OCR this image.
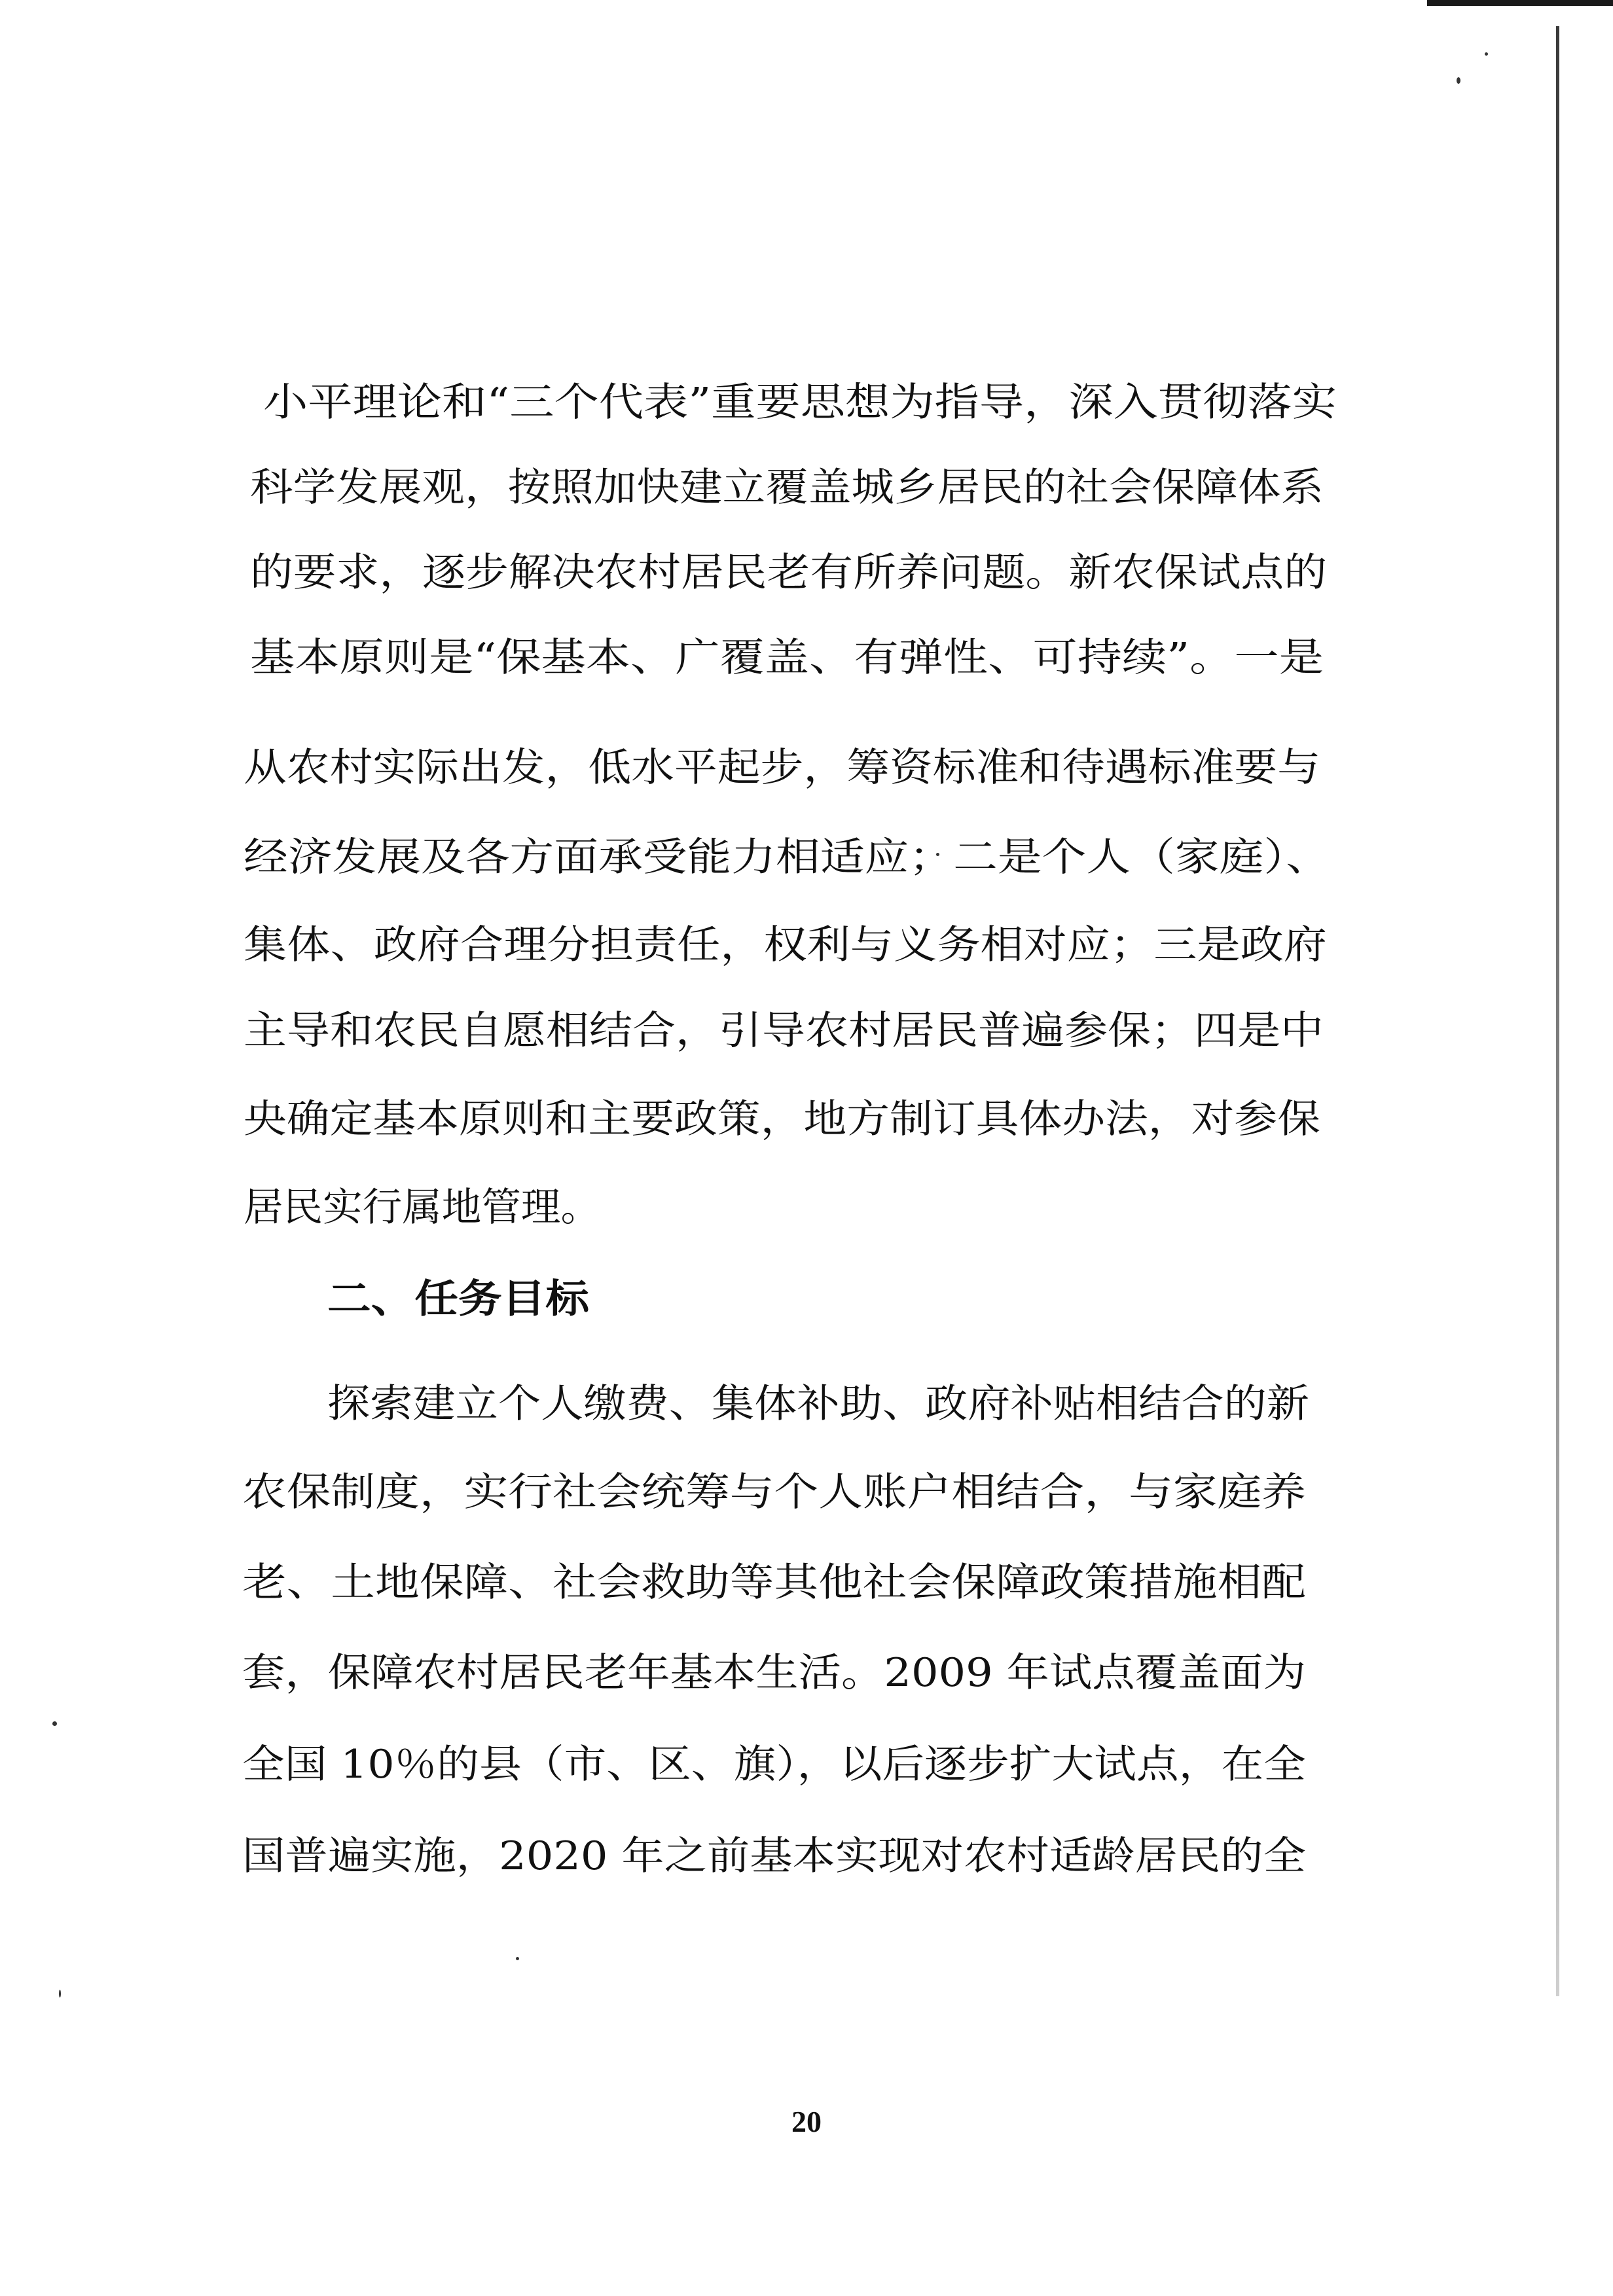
小平理论和“三个代表”重要思想为指导，深入贯彻落实
科学发展观，按照加快建立覆盖城乡居民的社会保障体系
的要求，逐步解决农村居民老有所养问题。新农保试点的
基本原则是“保基本、广覆盖、有弹性、可持续”。一是
从农村实际出发，低水平起步，筹资标准和待遇标准要与
经济发展及各方面承受能力相适应；二是个人（家庭）、
集体、政府合理分担责任，权利与义务相对应；三是政府
主导和农民自愿相结合，引导农村居民普遍参保；四是中
央确定基本原则和主要政策，地方制订具体办法，对参保
居民实行属地管理。
二、任务目标
探索建立个人缴费、集体补助、政府补贴相结合的新
农保制度，实行社会统筹与个人账户相结合，与家庭养
老、土地保障、社会救助等其他社会保障政策措施相配
套，保障农村居民老年基本生活。2009 年试点覆盖面为
全国 10％的县（市、区、旗），以后逐步扩大试点，在全
国普遍实施，2020 年之前基本实现对农村适龄居民的全
20
